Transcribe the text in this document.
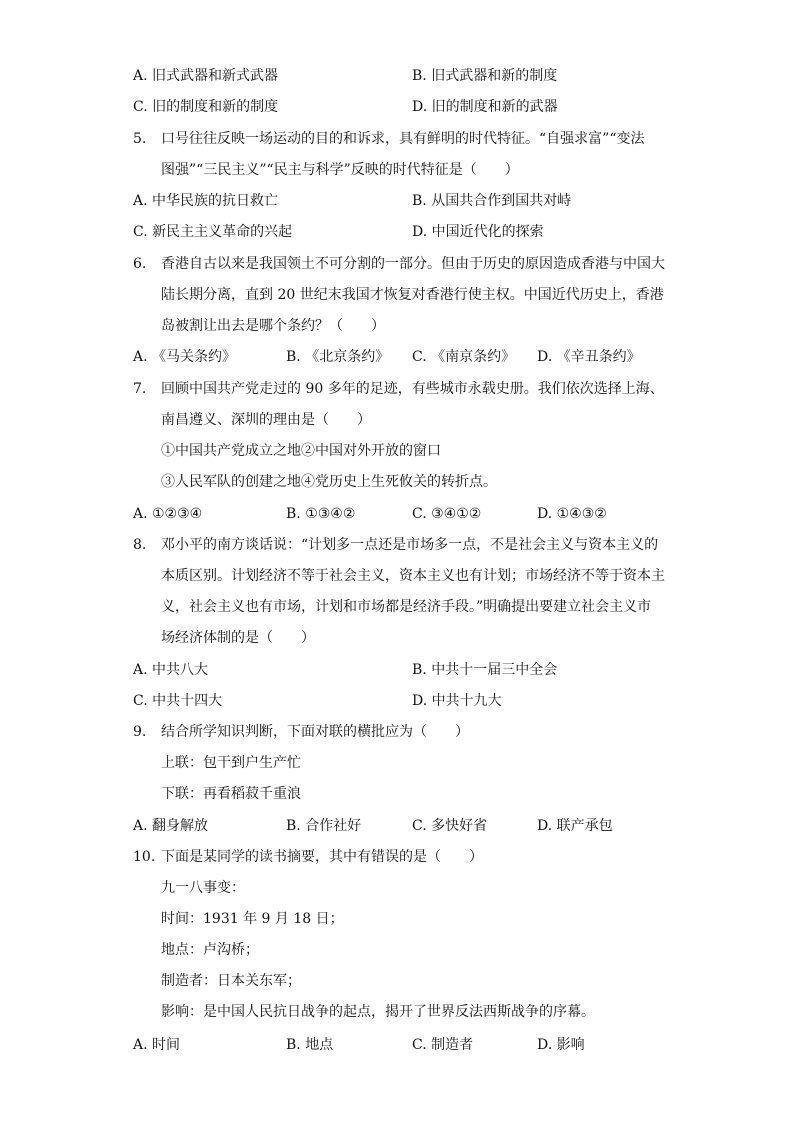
A. 旧式武器和新式武器	B. 旧式武器和新的制度
C. 旧的制度和新的制度	D. 旧的制度和新的武器
5. 口号往往反映一场运动的目的和诉求，具有鲜明的时代特征。“自强求富”“变法
图强”“三民主义”“民主与科学”反映的时代特征是（　　）
A. 中华民族的抗日救亡	B. 从国共合作到国共对峙
C. 新民主主义革命的兴起	D. 中国近代化的探索
6. 香港自古以来是我国领土不可分割的一部分。但由于历史的原因造成香港与中国大
陆长期分离，直到 20 世纪末我国才恢复对香港行使主权。中国近代历史上，香港
岛被割让出去是哪个条约？（　　）
A. 《马关条约》	B. 《北京条约》 C. 《南京条约》 D. 《辛丑条约》
7. 回顾中国共产党走过的 90 多年的足迹，有些城市永载史册。我们依次选择上海、
南昌遵义、深圳的理由是（　　）
①中国共产党成立之地②中国对外开放的窗口
③人民军队的创建之地④党历史上生死攸关的转折点。
A. ①②③④	B. ①③④②	C. ③④①②	D. ①④③②
8. 邓小平的南方谈话说：“计划多一点还是市场多一点，不是社会主义与资本主义的
本质区别。计划经济不等于社会主义，资本主义也有计划；市场经济不等于资本主
义，社会主义也有市场，计划和市场都是经济手段。”明确提出要建立社会主义市
场经济体制的是（　　）
A. 中共八大	B. 中共十一届三中全会
C. 中共十四大	D. 中共十九大
9. 结合所学知识判断，下面对联的横批应为（　　）
上联：包干到户生产忙
下联：再看稻菽千重浪
A. 翻身解放	B. 合作社好	C. 多快好省	D. 联产承包
10. 下面是某同学的读书摘要，其中有错误的是（　　）
九一八事变：
时间：1931 年 9 月 18 日；
地点：卢沟桥；
制造者：日本关东军；
影响：是中国人民抗日战争的起点，揭开了世界反法西斯战争的序幕。
A. 时间	B. 地点	C. 制造者	D. 影响
